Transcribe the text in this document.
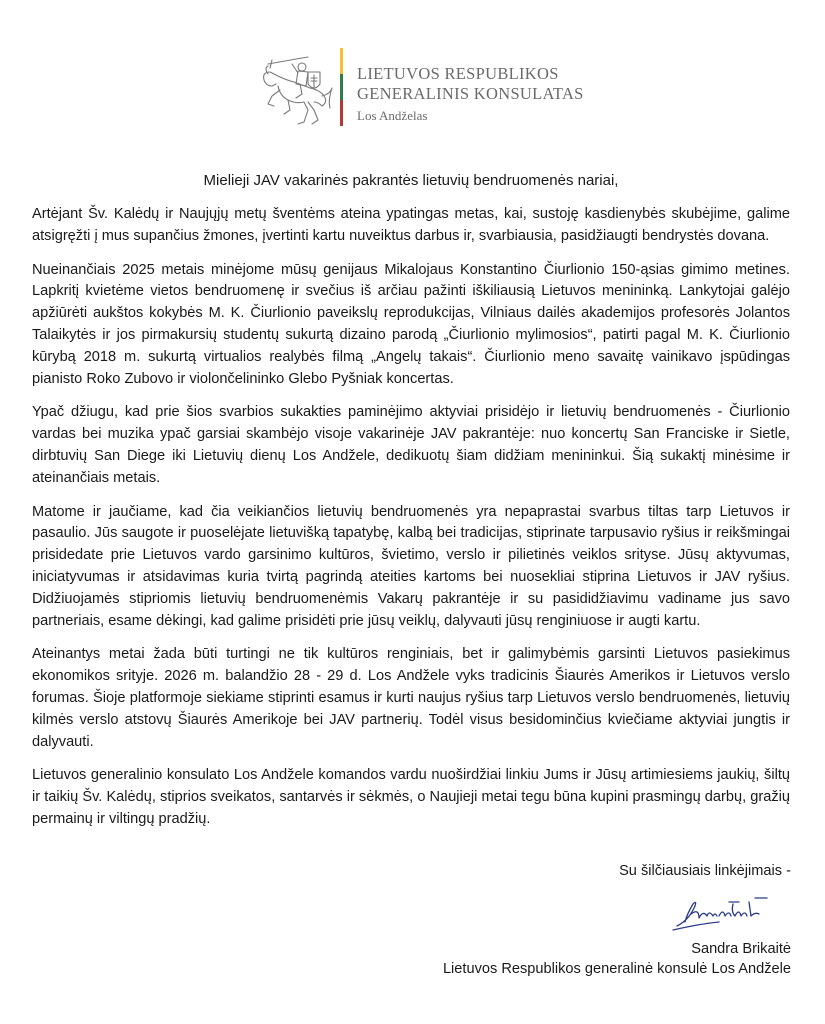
LIETUVOS RESPUBLIKOS
GENERALINIS KONSULATAS
Los Andželas

Mielieji JAV vakarinės pakrantės lietuvių bendruomenės nariai,

Artėjant Šv. Kalėdų ir Naujųjų metų šventėms ateina ypatingas metas, kai, sustoję kasdienybės skubėjime, galime atsigręžti į mus supančius žmones, įvertinti kartu nuveiktus darbus ir, svarbiausia, pasidžiaugti bendrystės dovana.

Nueinančiais 2025 metais minėjome mūsų genijaus Mikalojaus Konstantino Čiurlionio 150-ąsias gimimo metines. Lapkritį kvietėme vietos bendruomenę ir svečius iš arčiau pažinti iškiliausią Lietuvos menininką. Lankytojai galėjo apžiūrėti aukštos kokybės M. K. Čiurlionio paveikslų reprodukcijas, Vilniaus dailės akademijos profesorės Jolantos Talaikytės ir jos pirmakursių studentų sukurtą dizaino parodą „Čiurlionio mylimosios“, patirti pagal M. K. Čiurlionio kūrybą 2018 m. sukurtą virtualios realybės filmą „Angelų takais“. Čiurlionio meno savaitę vainikavo įspūdingas pianisto Roko Zubovo ir violončelininko Glebo Pyšniak koncertas.

Ypač džiugu, kad prie šios svarbios sukakties paminėjimo aktyviai prisidėjo ir lietuvių bendruomenės - Čiurlionio vardas bei muzika ypač garsiai skambėjo visoje vakarinėje JAV pakrantėje: nuo koncertų San Franciske ir Sietle, dirbtuvių San Diege iki Lietuvių dienų Los Andžele, dedikuotų šiam didžiam menininkui. Šią sukaktį minėsime ir ateinančiais metais.

Matome ir jaučiame, kad čia veikiančios lietuvių bendruomenės yra nepaprastai svarbus tiltas tarp Lietuvos ir pasaulio. Jūs saugote ir puoselėjate lietuvišką tapatybę, kalbą bei tradicijas, stiprinate tarpusavio ryšius ir reikšmingai prisidedate prie Lietuvos vardo garsinimo kultūros, švietimo, verslo ir pilietinės veiklos srityse. Jūsų aktyvumas, iniciatyvumas ir atsidavimas kuria tvirtą pagrindą ateities kartoms bei nuosekliai stiprina Lietuvos ir JAV ryšius. Didžiuojamės stipriomis lietuvių bendruomenėmis Vakarų pakrantėje ir su pasididžiavimu vadiname jus savo partneriais, esame dėkingi, kad galime prisidėti prie jūsų veiklų, dalyvauti jūsų renginiuose ir augti kartu.

Ateinantys metai žada būti turtingi ne tik kultūros renginiais, bet ir galimybėmis garsinti Lietuvos pasiekimus ekonomikos srityje. 2026 m. balandžio 28 - 29 d. Los Andžele vyks tradicinis Šiaurės Amerikos ir Lietuvos verslo forumas. Šioje platformoje siekiame stiprinti esamus ir kurti naujus ryšius tarp Lietuvos verslo bendruomenės, lietuvių kilmės verslo atstovų Šiaurės Amerikoje bei JAV partnerių. Todėl visus besidominčius kviečiame aktyviai jungtis ir dalyvauti.

Lietuvos generalinio konsulato Los Andžele komandos vardu nuoširdžiai linkiu Jums ir Jūsų artimiesiems jaukių, šiltų ir taikių Šv. Kalėdų, stiprios sveikatos, santarvės ir sėkmės, o Naujieji metai tegu būna kupini prasmingų darbų, gražių permainų ir viltingų pradžių.

Su šilčiausiais linkėjimais -
Sandra Brikaitė
Lietuvos Respublikos generalinė konsulė Los Andžele
